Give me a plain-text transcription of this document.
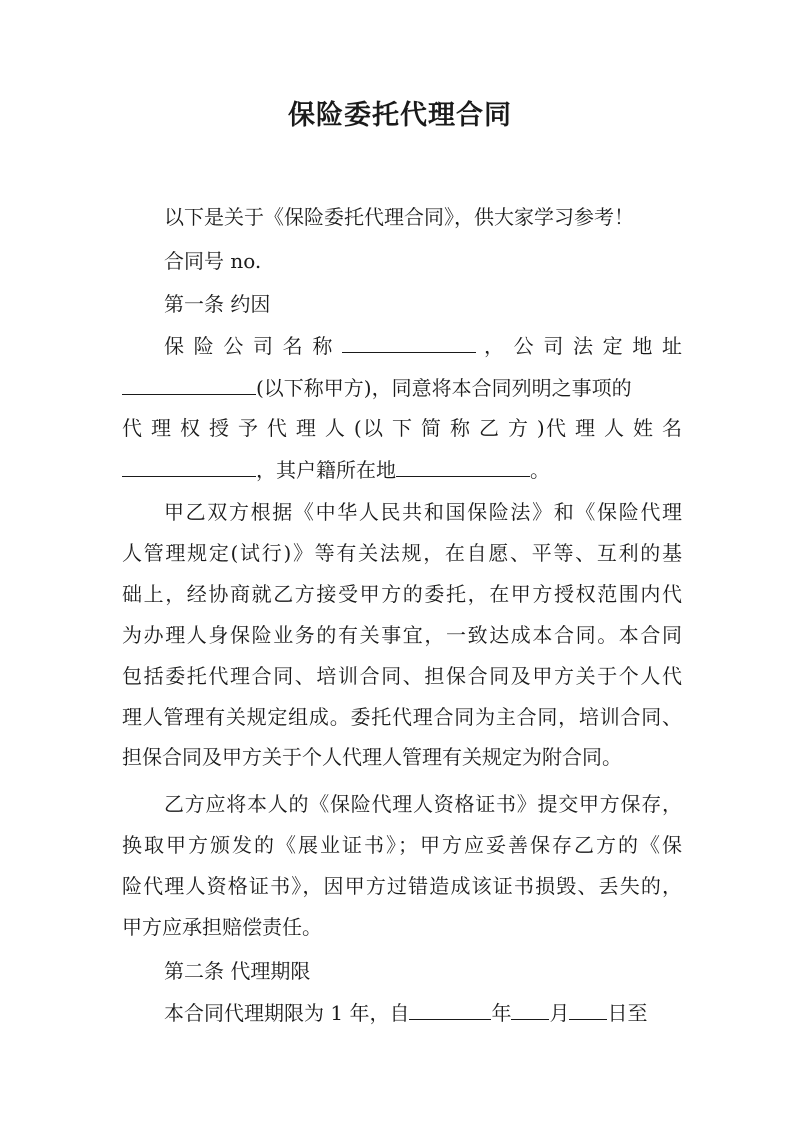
保险委托代理合同
以下是关于《保险委托代理合同》，供大家学习参考！
合同号 no.
第一条 约因
保 险 公 司 名 称	， 公 司 法 定 地 址
(以下称甲方)，同意将本合同列明之事项的
代 理 权 授 予 代 理 人 (以 下 简 称 乙 方 )代 理 人 姓 名
，其户籍所在地	。
甲乙双方根据《中华人民共和国保险法》和《保险代理
人管理规定(试行)》等有关法规，在自愿、平等、互利的基
础上，经协商就乙方接受甲方的委托，在甲方授权范围内代
为办理人身保险业务的有关事宜，一致达成本合同。本合同
包括委托代理合同、培训合同、担保合同及甲方关于个人代
理人管理有关规定组成。委托代理合同为主合同，培训合同、
担保合同及甲方关于个人代理人管理有关规定为附合同。
乙方应将本人的《保险代理人资格证书》提交甲方保存，
换取甲方颁发的《展业证书》；甲方应妥善保存乙方的《保
险代理人资格证书》，因甲方过错造成该证书损毁、丢失的，
甲方应承担赔偿责任。
第二条 代理期限
本合同代理期限为 1 年，自	年 月 日至
